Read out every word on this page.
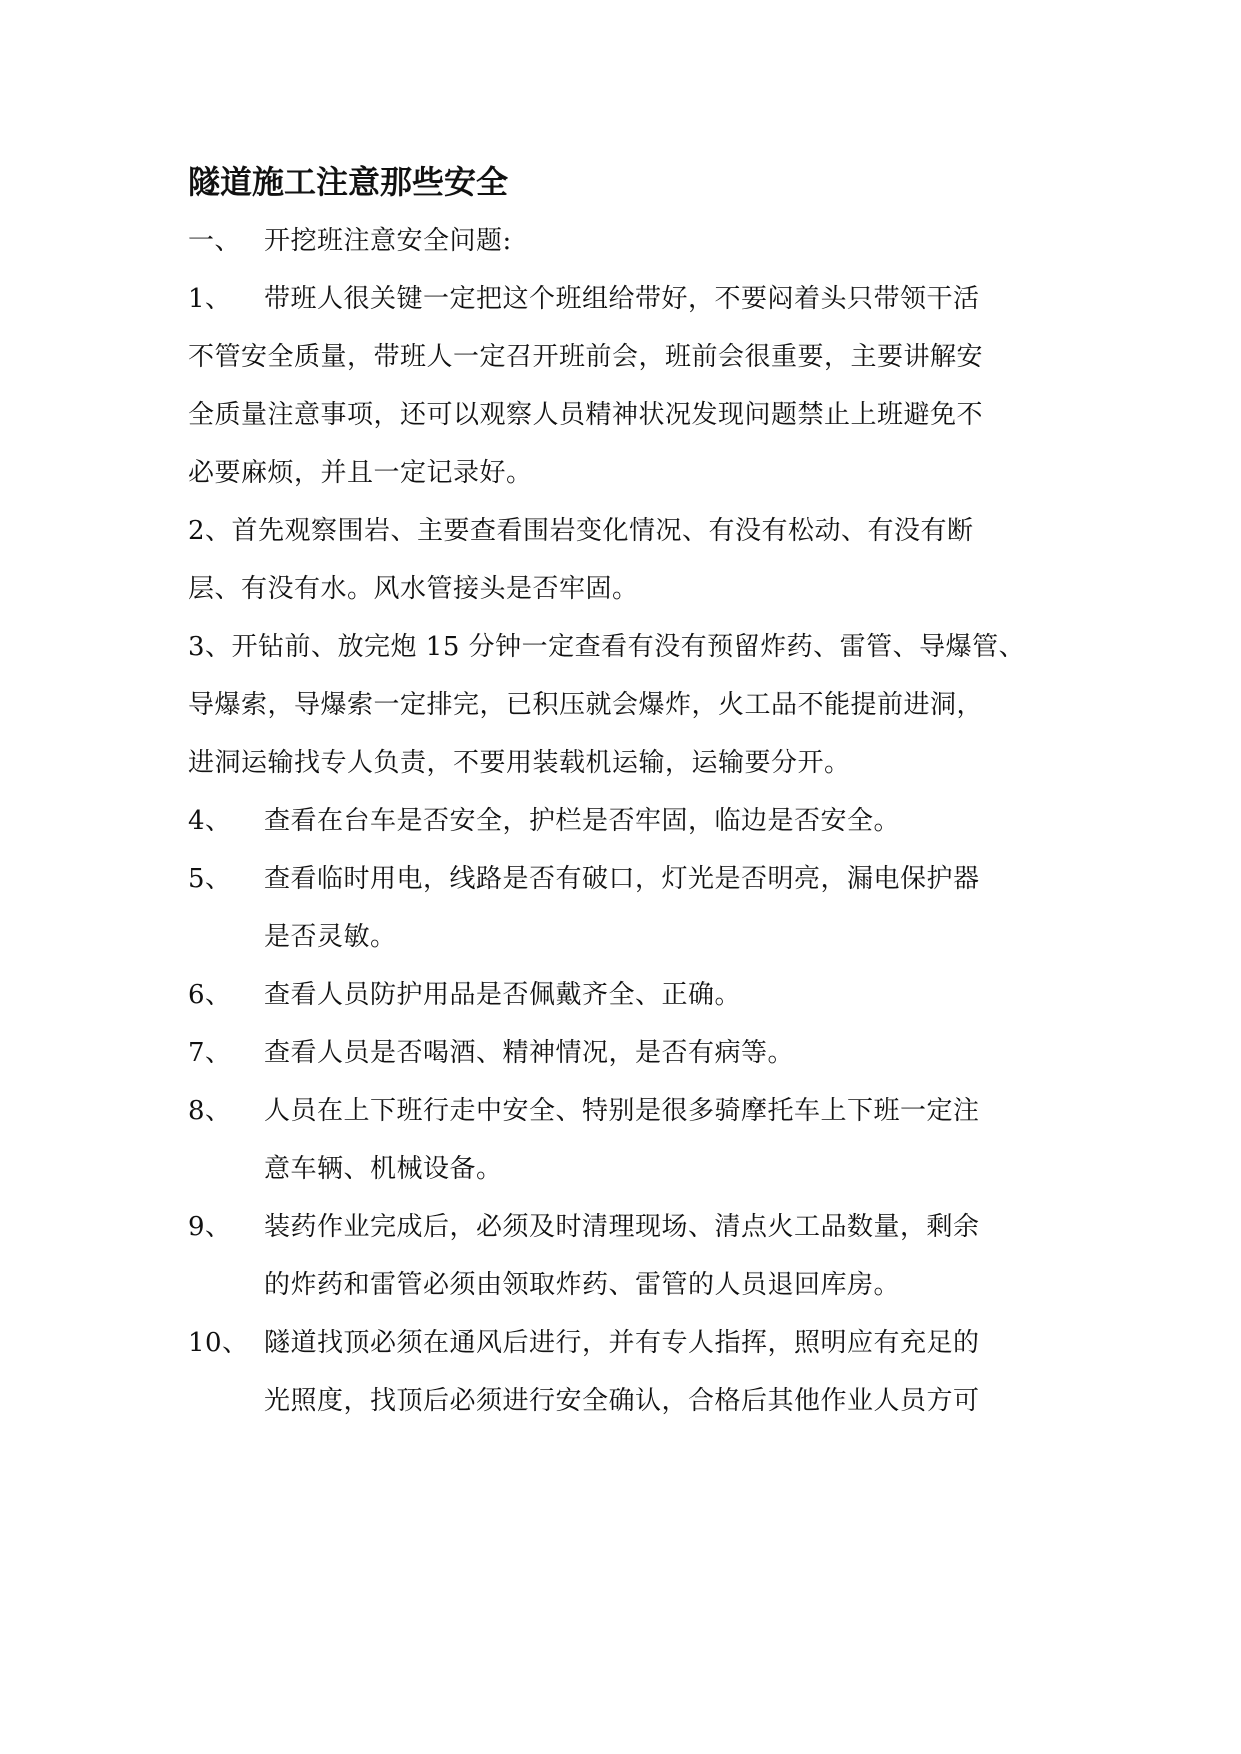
隧道施工注意那些安全
一、 开挖班注意安全问题:
1、	带班人很关键一定把这个班组给带好，不要闷着头只带领干活
不管安全质量，带班人一定召开班前会，班前会很重要，主要讲解安
全质量注意事项，还可以观察人员精神状况发现问题禁止上班避免不
必要麻烦，并且一定记录好。
2、首先观察围岩、主要查看围岩变化情况、有没有松动、有没有断
层、有没有水。风水管接头是否牢固。
3、开钻前、放完炮 15 分钟一定查看有没有预留炸药、雷管、导爆管、
导爆索，导爆索一定排完，已积压就会爆炸，火工品不能提前进洞，
进洞运输找专人负责，不要用装载机运输，运输要分开。
4、	查看在台车是否安全，护栏是否牢固，临边是否安全。
5、	查看临时用电，线路是否有破口，灯光是否明亮，漏电保护器
是否灵敏。
6、	查看人员防护用品是否佩戴齐全、正确。
7、	查看人员是否喝酒、精神情况，是否有病等。
8、	人员在上下班行走中安全、特别是很多骑摩托车上下班一定注
意车辆、机械设备。
9、	装药作业完成后，必须及时清理现场、清点火工品数量，剩余
的炸药和雷管必须由领取炸药、雷管的人员退回库房。
10、 隧道找顶必须在通风后进行，并有专人指挥，照明应有充足的
光照度，找顶后必须进行安全确认，合格后其他作业人员方可
